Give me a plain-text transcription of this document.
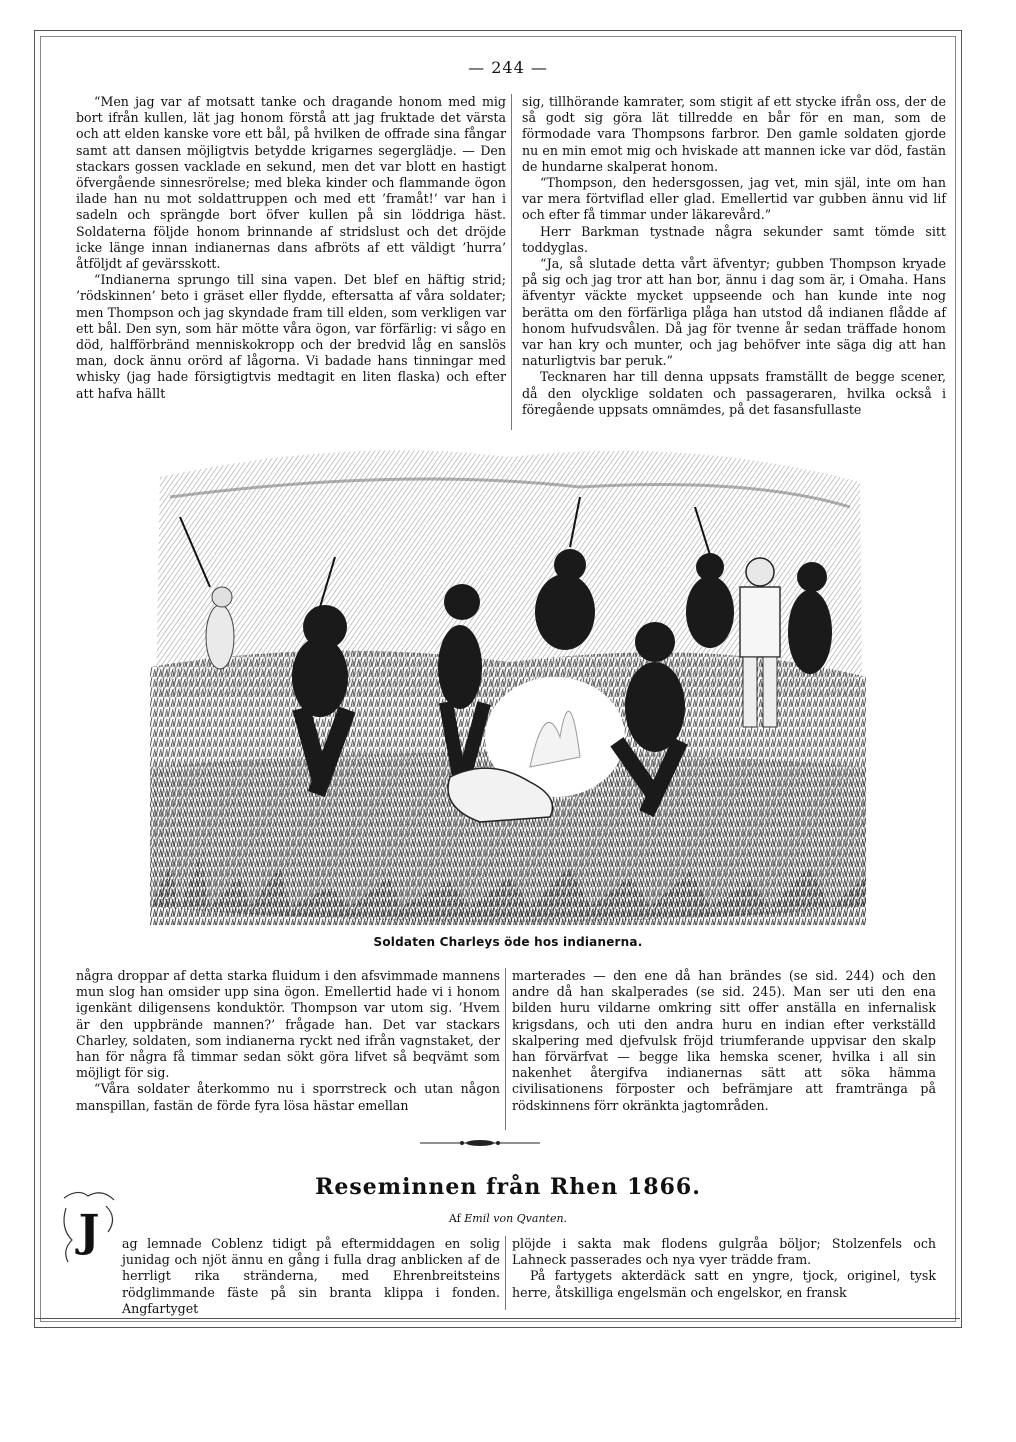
— 244 —

“Men jag var af motsatt tanke och dragande honom med mig bort ifrån kullen, lät jag honom förstå att jag fruktade det värsta och att elden kanske vore ett bål, på hvilken de offrade sina fångar samt att dansen möjligtvis betydde krigarnes segerglädje. — Den stackars gossen vacklade en sekund, men det var blott en hastigt öfvergående sinnesrörelse; med bleka kinder och flammande ögon ilade han nu mot soldattruppen och med ett ’framåt!’ var han i sadeln och sprängde bort öfver kullen på sin löddriga häst. Soldaterna följde honom brinnande af stridslust och det dröjde icke länge innan indianernas dans afbröts af ett väldigt ’hurra’ åtföljdt af gevärsskott.

“Indianerna sprungo till sina vapen. Det blef en häftig strid; ’rödskinnen’ beto i gräset eller flydde, eftersatta af våra soldater; men Thompson och jag skyndade fram till elden, som verkligen var ett bål. Den syn, som här mötte våra ögon, var förfärlig: vi sågo en död, halfförbränd menniskokropp och der bredvid låg en sanslös man, dock ännu orörd af lågorna. Vi badade hans tinningar med whisky (jag hade försigtigtvis medtagit en liten flaska) och efter att hafva hällt

sig, tillhörande kamrater, som stigit af ett stycke ifrån oss, der de så godt sig göra lät tillredde en bår för en man, som de förmodade vara Thompsons farbror. Den gamle soldaten gjorde nu en min emot mig och hviskade att mannen icke var död, fastän de hundarne skalperat honom.

“Thompson, den hedersgossen, jag vet, min själ, inte om han var mera förtviflad eller glad. Emellertid var gubben ännu vid lif och efter få timmar under läkarevård.”

Herr Barkman tystnade några sekunder samt tömde sitt toddyglas.

“Ja, så slutade detta vårt äfventyr; gubben Thompson kryade på sig och jag tror att han bor, ännu i dag som är, i Omaha. Hans äfventyr väckte mycket uppseende och han kunde inte nog berätta om den förfärliga plåga han utstod då indianen flådde af honom hufvudsvålen. Då jag för tvenne år sedan träffade honom var han kry och munter, och jag behöfver inte säga dig att han naturligtvis bar peruk.”

Tecknaren har till denna uppsats framställt de begge scener, då den olycklige soldaten och passageraren, hvilka också i föregående uppsats omnämdes, på det fasansfullaste

Soldaten Charleys öde hos indianerna.

några droppar af detta starka fluidum i den afsvimmade mannens mun slog han omsider upp sina ögon. Emellertid hade vi i honom igenkänt diligensens konduktör. Thompson var utom sig. ’Hvem är den uppbrände mannen?’ frågade han. Det var stackars Charley, soldaten, som indianerna ryckt ned ifrån vagnstaket, der han för några få timmar sedan sökt göra lifvet så beqvämt som möjligt för sig.

“Våra soldater återkommo nu i sporrstreck och utan någon manspillan, fastän de förde fyra lösa hästar emellan

marterades — den ene då han brändes (se sid. 244) och den andre då han skalperades (se sid. 245). Man ser uti den ena bilden huru vildarne omkring sitt offer anställa en infernalisk krigsdans, och uti den andra huru en indian efter verkställd skalpering med djefvulsk fröjd triumferande uppvisar den skalp han förvärfvat — begge lika hemska scener, hvilka i all sin nakenhet återgifva indianernas sätt att söka hämma civilisationens förposter och befrämjare att framtränga på rödskinnens förr okränkta jagtområden.

Reseminnen från Rhen 1866.
Af Emil von Qvanten.
J	ag lemnade Coblenz tidigt på eftermiddagen en solig junidag och njöt ännu en gång i fulla drag anblicken af de herrligt rika stränderna, med Ehrenbreitsteins rödglimmande fäste på sin branta klippa i fonden. Angfartyget

plöjde i sakta mak flodens gulgråa böljor; Stolzenfels och Lahneck passerades och nya vyer trädde fram.

På fartygets akterdäck satt en yngre, tjock, originel, tysk herre, åtskilliga engelsmän och engelskor, en fransk
